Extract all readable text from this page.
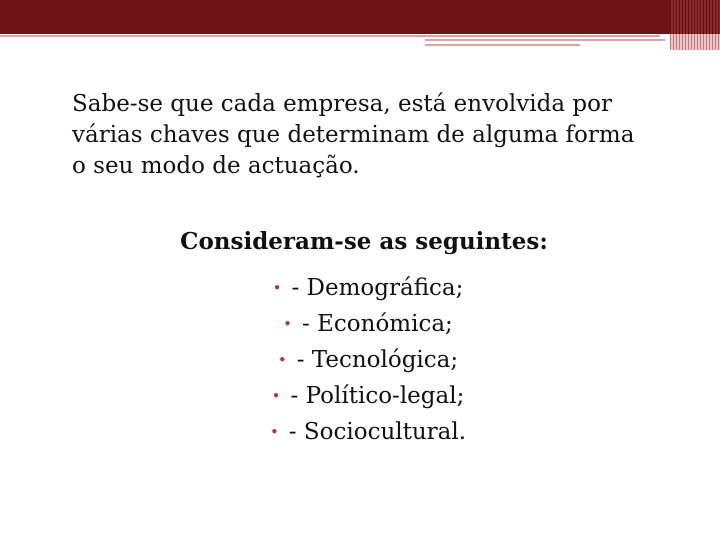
Sabe-se que cada empresa, está envolvida por
várias chaves que determinam de alguma forma
o seu modo de actuação.

Consideram-se as seguintes:
• - Demográfica;
• - Económica;
• - Tecnológica;
• - Político-legal;
• - Sociocultural.
